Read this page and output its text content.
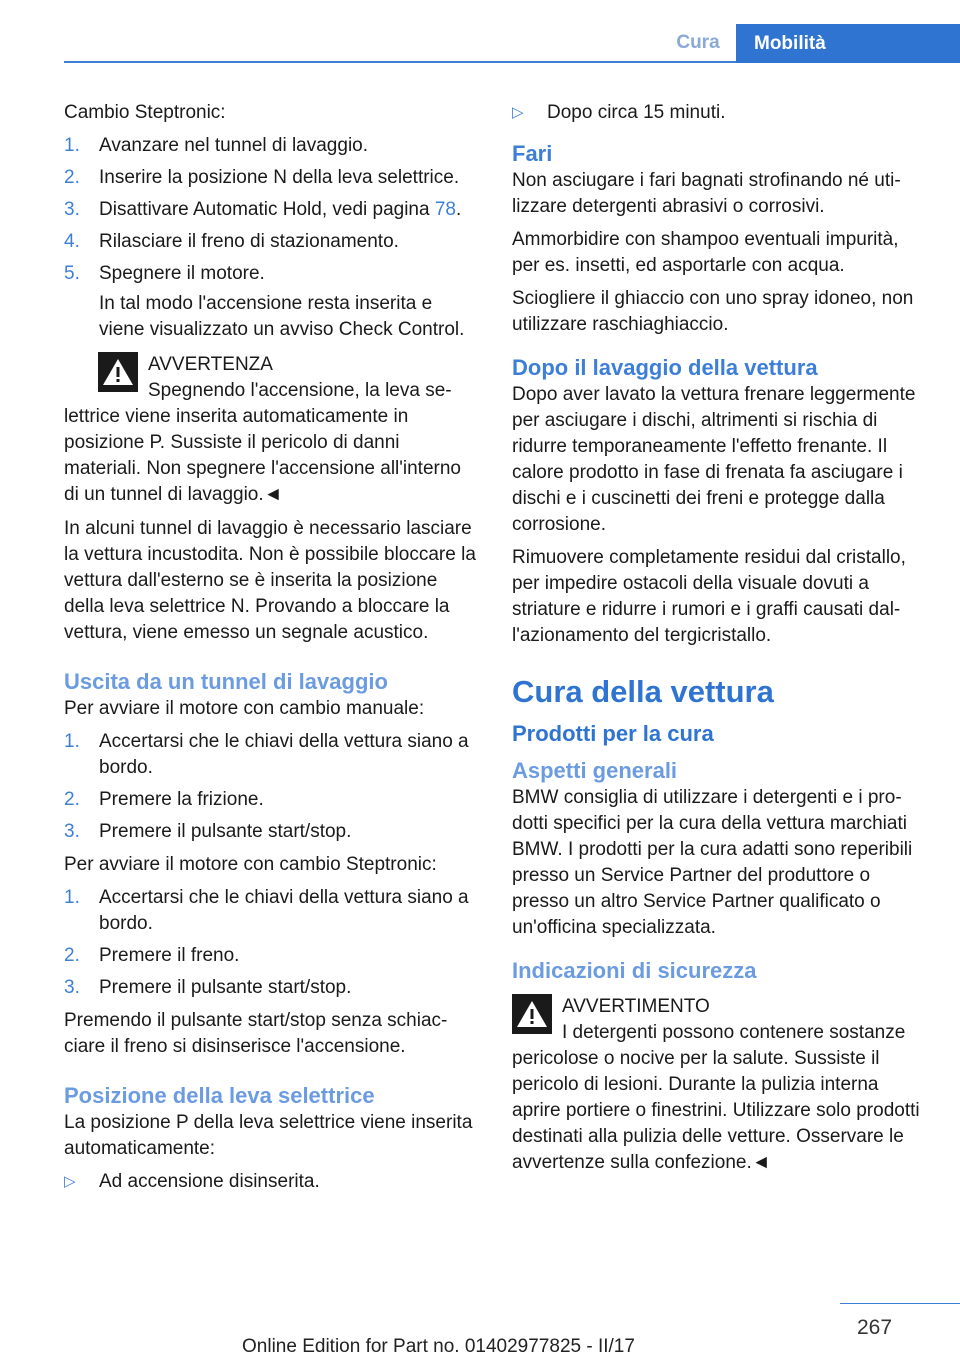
Cura	Mobilità

Cambio Steptronic:

1. Avanzare nel tunnel di lavaggio.
2. Inserire la posizione N della leva selettrice.
3. Disattivare Automatic Hold, vedi pagina 78.
4. Rilasciare il freno di stazionamento.
5. Spegnere il motore.
In tal modo l'accensione resta inserita e viene visualizzato un avviso Check Control.
AVVERTENZA
Spegnendo l'accensione, la leva selettrice viene inserita automaticamente in posizione P. Sussiste il pericolo di danni materiali. Non spegnere l'accensione all'interno di un tunnel di lavaggio.◄

In alcuni tunnel di lavaggio è necessario lasciare la vettura incustodita. Non è possibile bloccare la vettura dall'esterno se è inserita la posizione della leva selettrice N. Provando a bloccare la vettura, viene emesso un segnale acustico.

Uscita da un tunnel di lavaggio

Per avviare il motore con cambio manuale:

1. Accertarsi che le chiavi della vettura siano a bordo.
2. Premere la frizione.
3. Premere il pulsante start/stop.

Per avviare il motore con cambio Steptronic:

1. Accertarsi che le chiavi della vettura siano a bordo.
2. Premere il freno.
3. Premere il pulsante start/stop.

Premendo il pulsante start/stop senza schiacciare il freno si disinserisce l'accensione.

Posizione della leva selettrice

La posizione P della leva selettrice viene inserita automaticamente:

▷ Ad accensione disinserita.
▷ Dopo circa 15 minuti.
Fari

Non asciugare i fari bagnati strofinando né utilizzare detergenti abrasivi o corrosivi.

Ammorbidire con shampoo eventuali impurità, per es. insetti, ed asportarle con acqua.

Sciogliere il ghiaccio con uno spray idoneo, non utilizzare raschiaghiaccio.

Dopo il lavaggio della vettura

Dopo aver lavato la vettura frenare leggermente per asciugare i dischi, altrimenti si rischia di ridurre temporaneamente l'effetto frenante. Il calore prodotto in fase di frenata fa asciugare i dischi e i cuscinetti dei freni e protegge dalla corrosione.

Rimuovere completamente residui dal cristallo, per impedire ostacoli della visuale dovuti a striature e ridurre i rumori e i graffi causati dall'azionamento del tergicristallo.

Cura della vettura
Prodotti per la cura
Aspetti generali

BMW consiglia di utilizzare i detergenti e i prodotti specifici per la cura della vettura marchiati BMW. I prodotti per la cura adatti sono reperibili presso un Service Partner del produttore o presso un altro Service Partner qualificato o un'officina specializzata.

Indicazioni di sicurezza
AVVERTIMENTO
I detergenti possono contenere sostanze pericolose o nocive per la salute. Sussiste il pericolo di lesioni. Durante la pulizia interna aprire portiere o finestrini. Utilizzare solo prodotti destinati alla pulizia delle vetture. Osservare le avvertenze sulla confezione.◄
267
Online Edition for Part no. 01402977825 - II/17
